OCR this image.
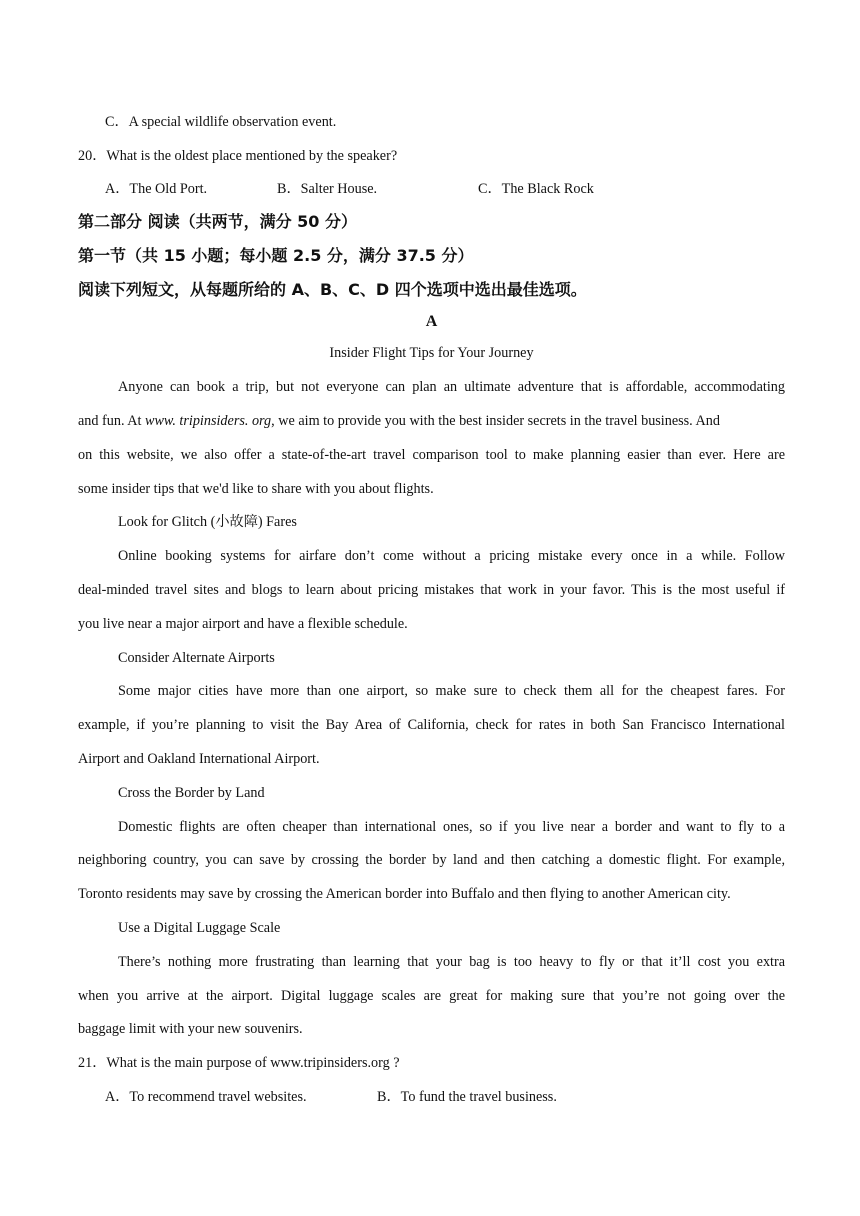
C．A special wildlife observation event.
20．What is the oldest place mentioned by the speaker?
A．The Old Port.	B．Salter House.	C．The Black Rock
第二部分 阅读（共两节，满分 50 分）
第一节（共 15 小题；每小题 2.5 分，满分 37.5 分）
阅读下列短文，从每题所给的 A、B、C、D 四个选项中选出最佳选项。
A
Insider Flight Tips for Your Journey
Anyone can book a trip, but not everyone can plan an ultimate adventure that is affordable, accommodating
and fun. At www. tripinsiders. org, we aim to provide you with the best insider secrets in the travel business. And
on this website, we also offer a state-of-the-art travel comparison tool to make planning easier than ever. Here are
some insider tips that we'd like to share with you about flights.
Look for Glitch (小故障) Fares
Online booking systems for airfare don’t come without a pricing mistake every once in a while. Follow
deal-minded travel sites and blogs to learn about pricing mistakes that work in your favor. This is the most useful if
you live near a major airport and have a flexible schedule.
Consider Alternate Airports
Some major cities have more than one airport, so make sure to check them all for the cheapest fares. For
example, if you’re planning to visit the Bay Area of California, check for rates in both San Francisco International
Airport and Oakland International Airport.
Cross the Border by Land
Domestic flights are often cheaper than international ones, so if you live near a border and want to fly to a
neighboring country, you can save by crossing the border by land and then catching a domestic flight. For example,
Toronto residents may save by crossing the American border into Buffalo and then flying to another American city.
Use a Digital Luggage Scale
There’s nothing more frustrating than learning that your bag is too heavy to fly or that it’ll cost you extra
when you arrive at the airport. Digital luggage scales are great for making sure that you’re not going over the
baggage limit with your new souvenirs.
21．What is the main purpose of www.tripinsiders.org ?
A．To recommend travel websites.	B．To fund the travel business.
